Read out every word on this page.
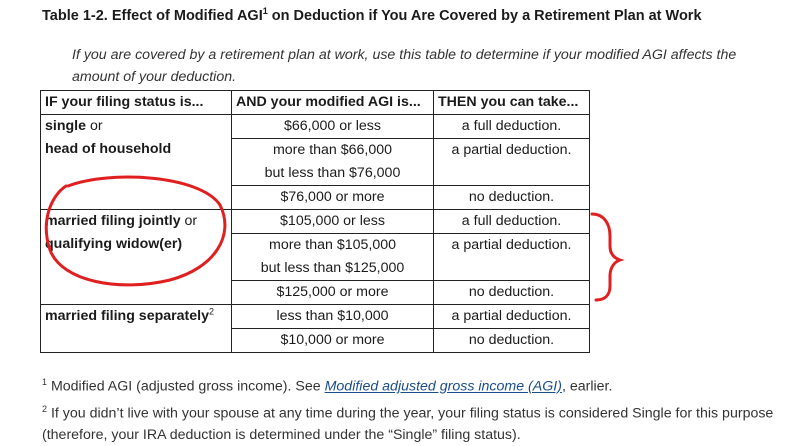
Table 1-2. Effect of Modified AGI$^1$ on Deduction if You Are Covered by a Retirement Plan at Work
If you are covered by a retirement plan at work, use this table to determine if your modified AGI affects the amount of your deduction.
IF your filing status is...	AND your modified AGI is...	THEN you can take...

single or
head of household	$66,000 or less	a full deduction.

	more than $66,000
but less than $76,000	a partial deduction.

	$76,000 or more	no deduction.

married filing jointly or
qualifying widow(er)	$105,000 or less	a full deduction.

	more than $105,000
but less than $125,000	a partial deduction.

	$125,000 or more	no deduction.

married filing separately$^2$	less than $10,000	a partial deduction.

	$10,000 or more	no deduction.
$^1$ Modified AGI (adjusted gross income). See Modified adjusted gross income (AGI), earlier.
$^2$ If you didn’t live with your spouse at any time during the year, your filing status is considered Single for this purpose (therefore, your IRA deduction is determined under the “Single” filing status).
